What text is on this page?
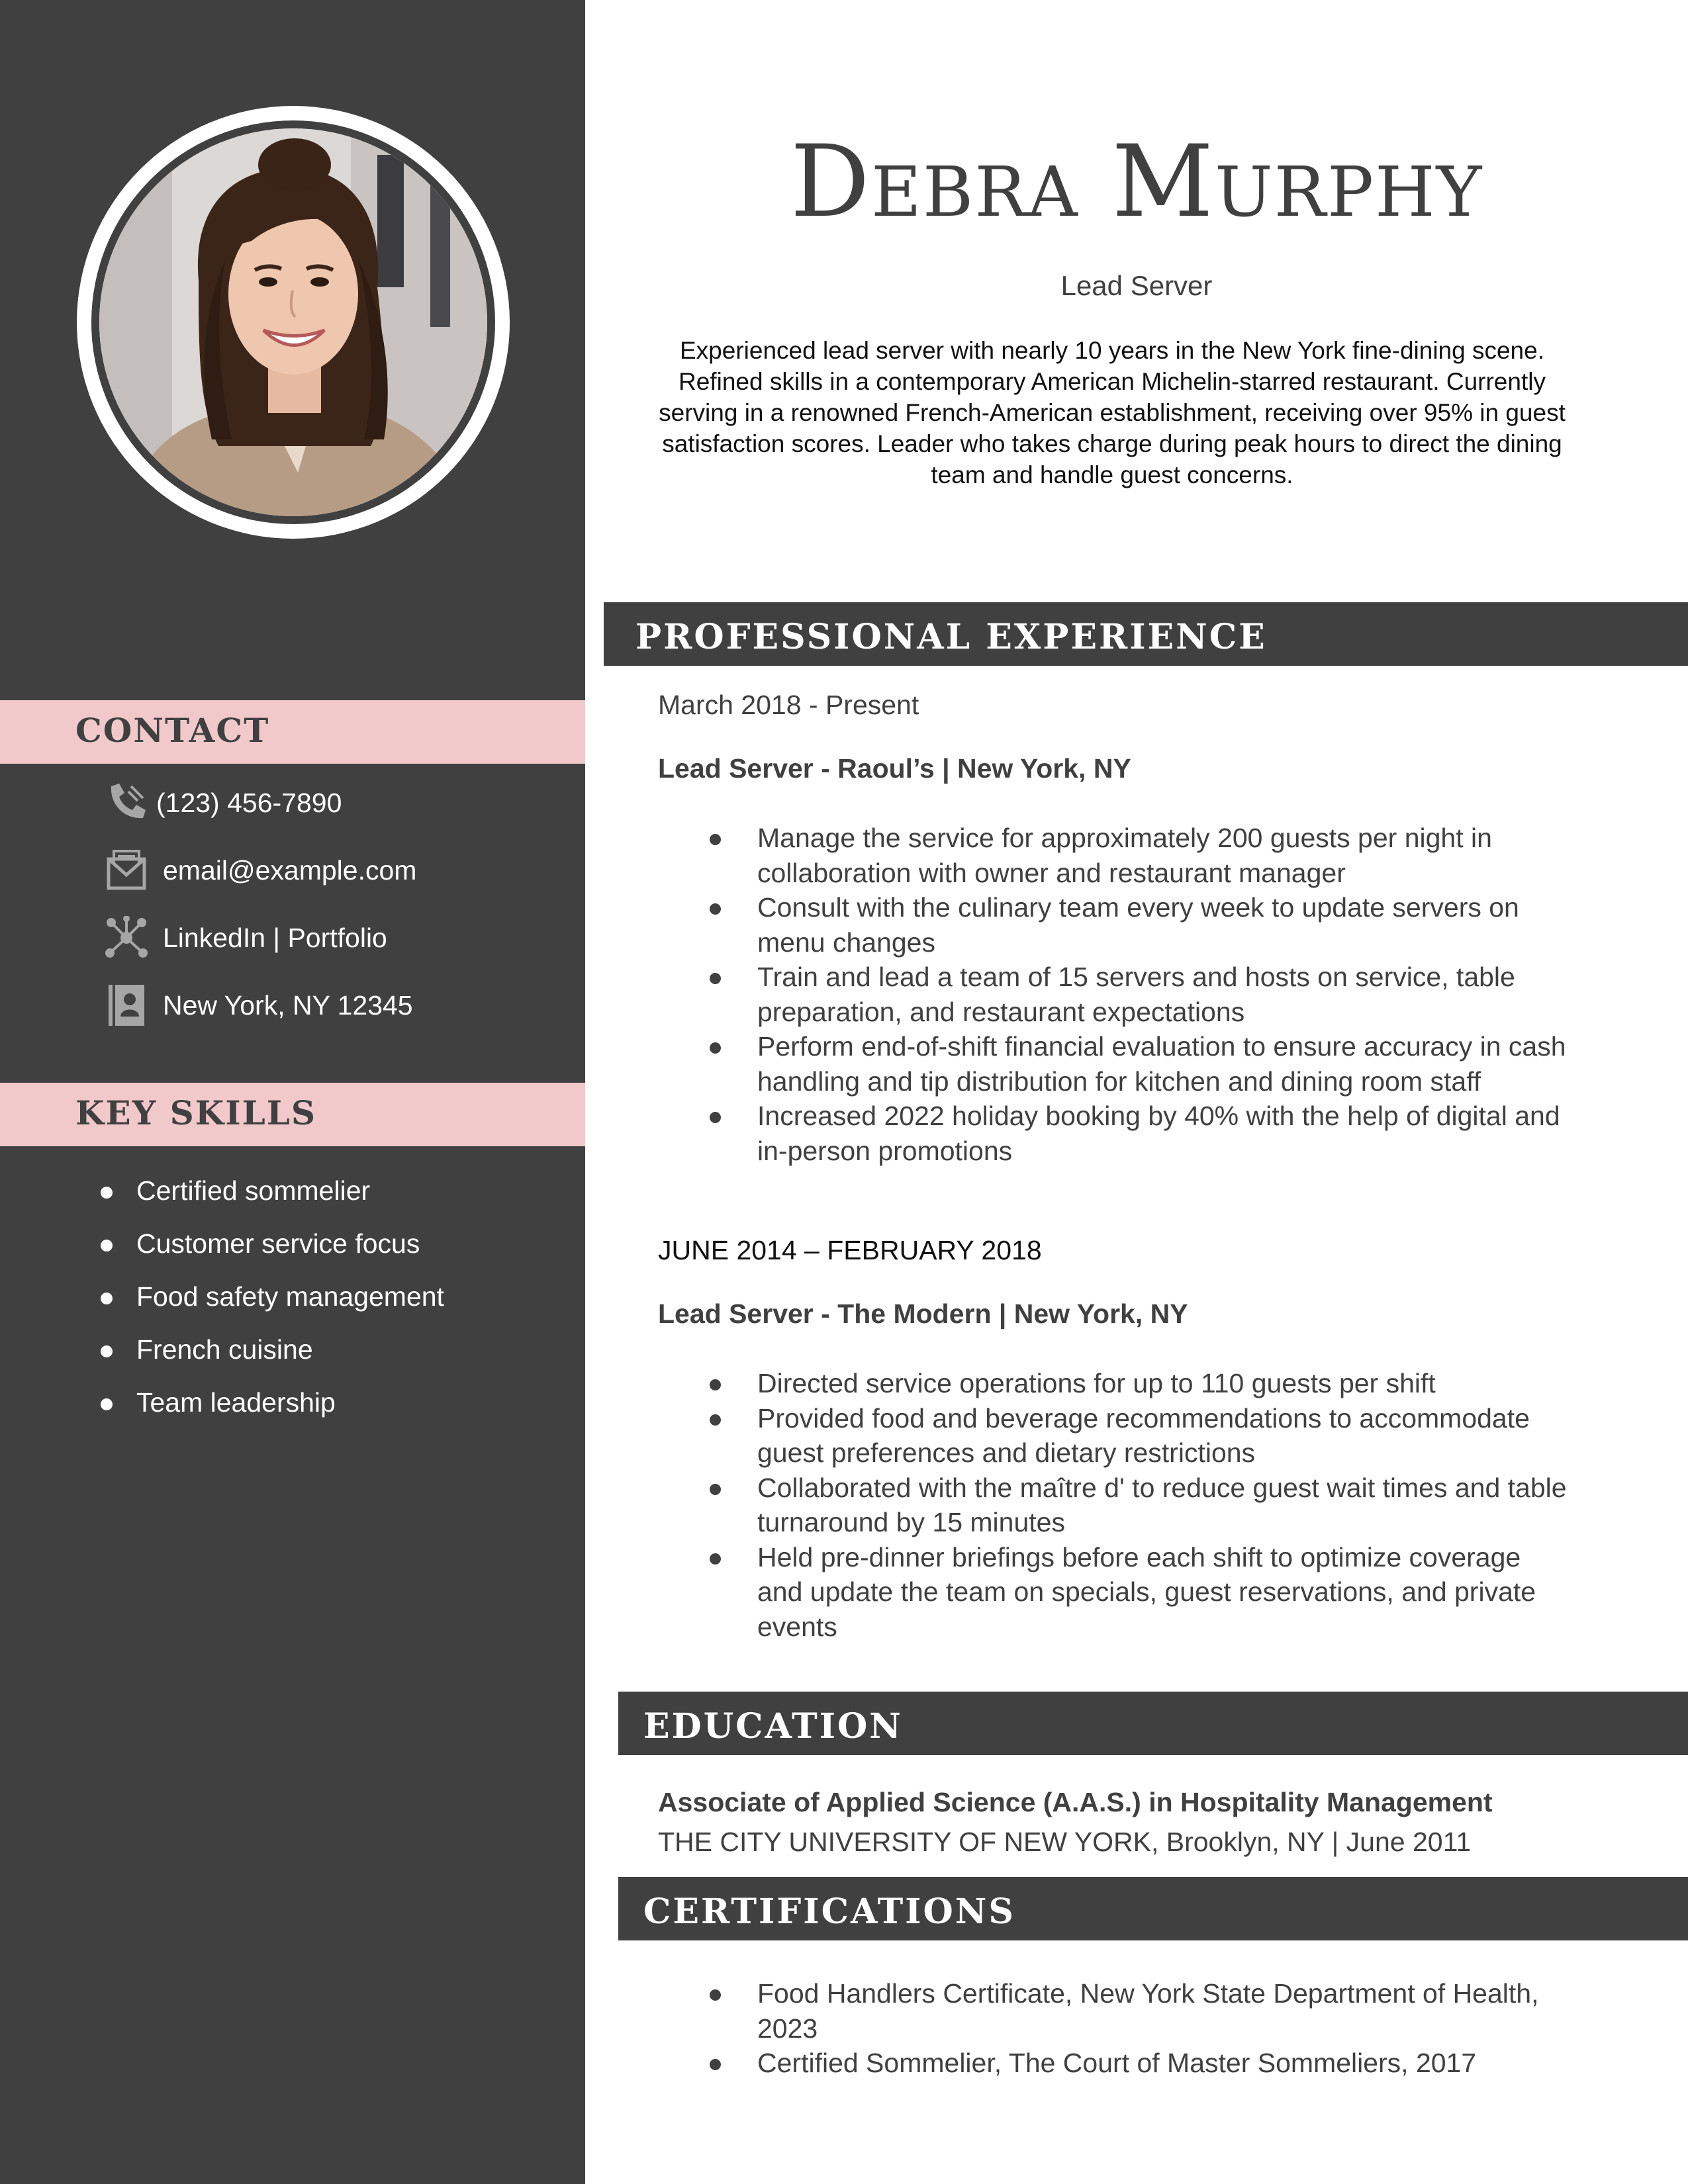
CONTACT
(123) 456-7890
email@example.com
LinkedIn | Portfolio
New York, NY 12345
KEY SKILLS
Certified sommelier
Customer service focus
Food safety management
French cuisine
Team leadership
DEBRA MURPHY
Lead Server
Experienced lead server with nearly 10 years in the New York fine-dining scene. Refined skills in a contemporary American Michelin-starred restaurant. Currently serving in a renowned French-American establishment, receiving over 95% in guest satisfaction scores. Leader who takes charge during peak hours to direct the dining team and handle guest concerns.
PROFESSIONAL EXPERIENCE
March 2018 - Present
Lead Server - Raoul’s | New York, NY
Manage the service for approximately 200 guests per night in collaboration with owner and restaurant manager
Consult with the culinary team every week to update servers on menu changes
Train and lead a team of 15 servers and hosts on service, table preparation, and restaurant expectations
Perform end-of-shift financial evaluation to ensure accuracy in cash handling and tip distribution for kitchen and dining room staff
Increased 2022 holiday booking by 40% with the help of digital and in-person promotions
JUNE 2014 – FEBRUARY 2018
Lead Server - The Modern | New York, NY
Directed service operations for up to 110 guests per shift
Provided food and beverage recommendations to accommodate guest preferences and dietary restrictions
Collaborated with the maître d' to reduce guest wait times and table turnaround by 15 minutes
Held pre-dinner briefings before each shift to optimize coverage and update the team on specials, guest reservations, and private events
EDUCATION
Associate of Applied Science (A.A.S.) in Hospitality Management
THE CITY UNIVERSITY OF NEW YORK, Brooklyn, NY | June 2011
CERTIFICATIONS
Food Handlers Certificate, New York State Department of Health, 2023
Certified Sommelier, The Court of Master Sommeliers, 2017
